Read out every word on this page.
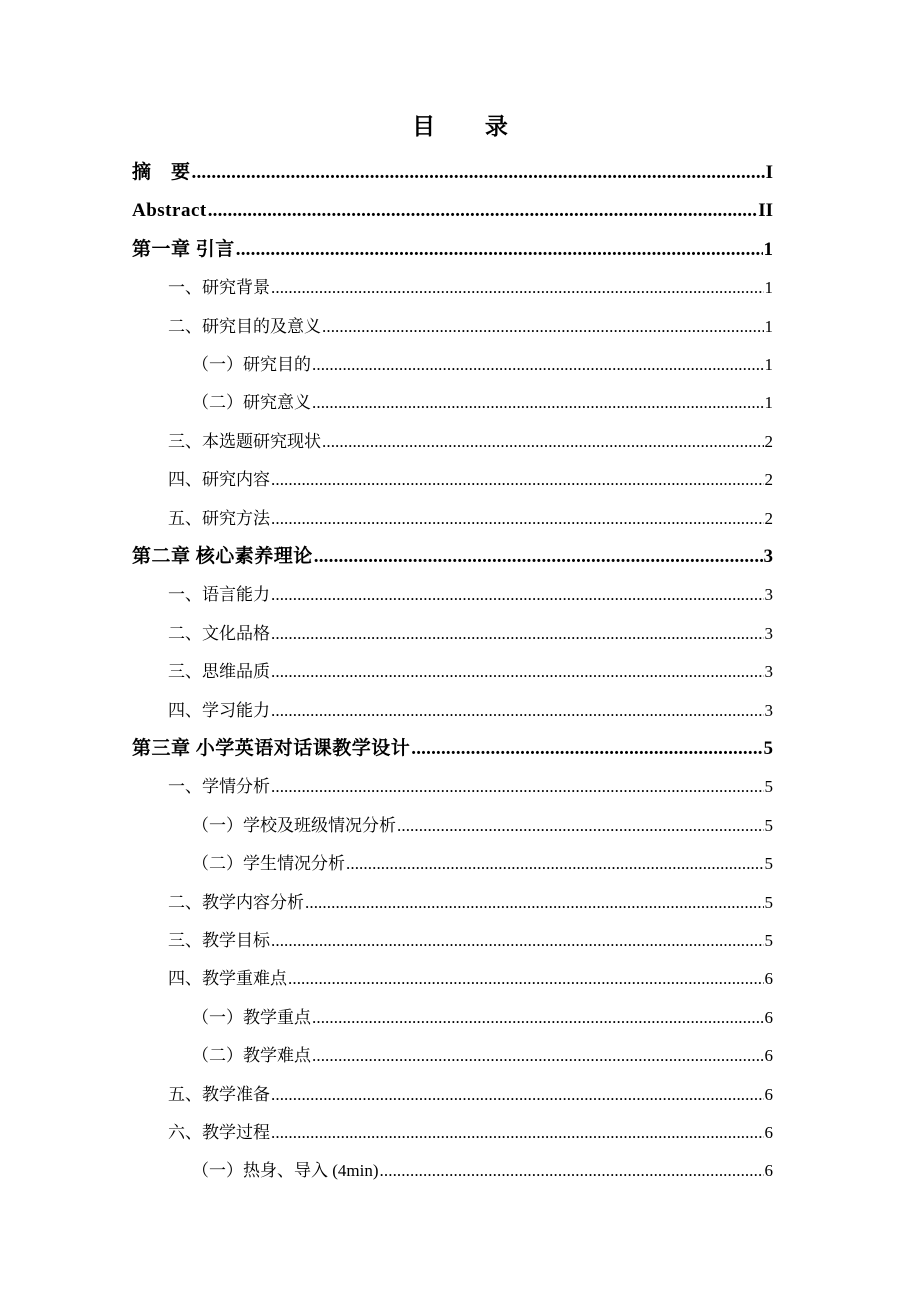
目 录
摘　要 .....	I
Abstract .....	II
第一章 引言 .....	1
一、研究背景 .....	1
二、研究目的及意义 .....	1
（一）研究目的 .....	1
（二）研究意义 .....	1
三、本选题研究现状 .....	2
四、研究内容 .....	2
五、研究方法 .....	2
第二章 核心素养理论 .....	3
一、语言能力 .....	3
二、文化品格 .....	3
三、思维品质 .....	3
四、学习能力 .....	3
第三章 小学英语对话课教学设计 .....	5
一、学情分析 .....	5
（一）学校及班级情况分析 .....	5
（二）学生情况分析 .....	5
二、教学内容分析 .....	5
三、教学目标 .....	5
四、教学重难点 .....	6
（一）教学重点 .....	6
（二）教学难点 .....	6
五、教学准备 .....	6
六、教学过程 .....	6
（一）热身、导入 (4min) .....	6
